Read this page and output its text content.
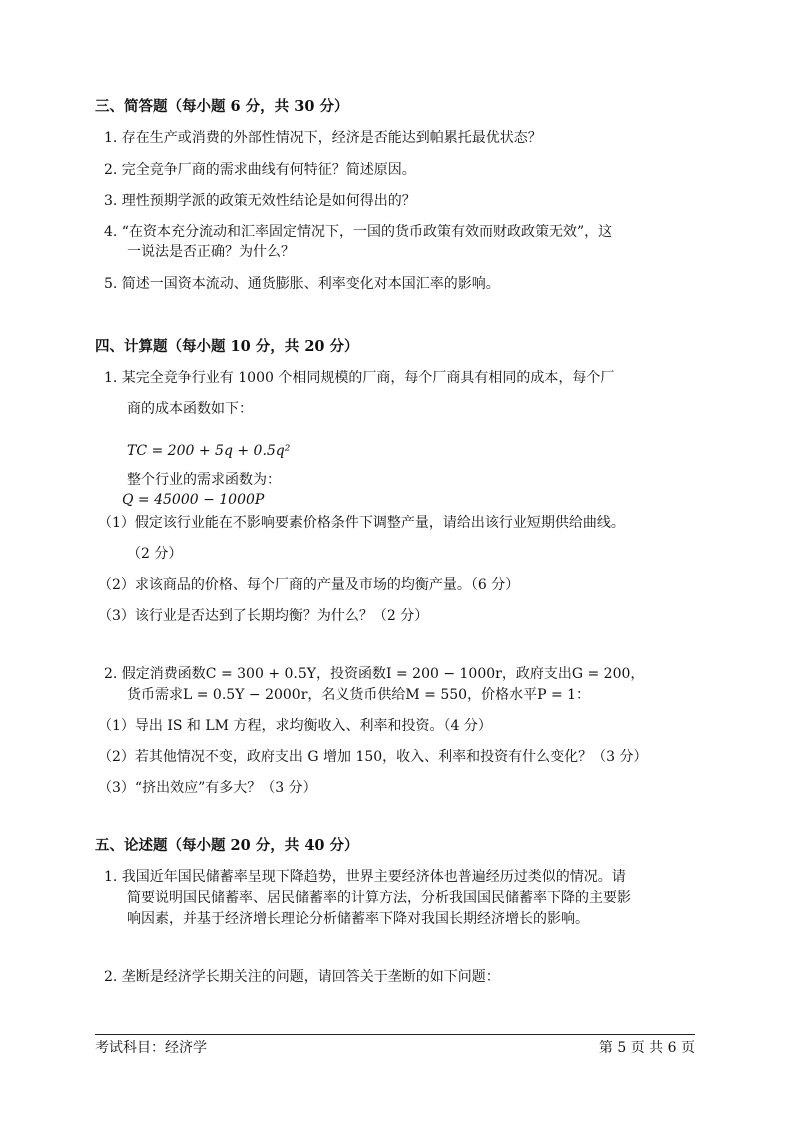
三、简答题（每小题 6 分，共 30 分）
1. 存在生产或消费的外部性情况下，经济是否能达到帕累托最优状态？
2. 完全竞争厂商的需求曲线有何特征？简述原因。
3. 理性预期学派的政策无效性结论是如何得出的？
4. “在资本充分流动和汇率固定情况下，一国的货币政策有效而财政政策无效”，这
一说法是否正确？为什么？
5. 简述一国资本流动、通货膨胀、利率变化对本国汇率的影响。
四、计算题（每小题 10 分，共 20 分）
1. 某完全竞争行业有 1000 个相同规模的厂商，每个厂商具有相同的成本，每个厂
商的成本函数如下：
TC = 200 + 5q + 0.5q²
整个行业的需求函数为：
Q = 45000 − 1000P
（1）假定该行业能在不影响要素价格条件下调整产量，请给出该行业短期供给曲线。
（2 分）
（2）求该商品的价格、每个厂商的产量及市场的均衡产量。（6 分）
（3）该行业是否达到了长期均衡？为什么？（2 分）
2. 假定消费函数C = 300 + 0.5Y，投资函数I = 200 − 1000r，政府支出G = 200，
货币需求L = 0.5Y − 2000r，名义货币供给M = 550，价格水平P = 1：
（1）导出 IS 和 LM 方程，求均衡收入、利率和投资。（4 分）
（2）若其他情况不变，政府支出 G 增加 150，收入、利率和投资有什么变化？（3 分）
（3）“挤出效应”有多大？（3 分）
五、论述题（每小题 20 分，共 40 分）
1. 我国近年国民储蓄率呈现下降趋势，世界主要经济体也普遍经历过类似的情况。请
简要说明国民储蓄率、居民储蓄率的计算方法，分析我国国民储蓄率下降的主要影
响因素，并基于经济增长理论分析储蓄率下降对我国长期经济增长的影响。
2. 垄断是经济学长期关注的问题，请回答关于垄断的如下问题：
考试科目：经济学	第 5 页 共 6 页
